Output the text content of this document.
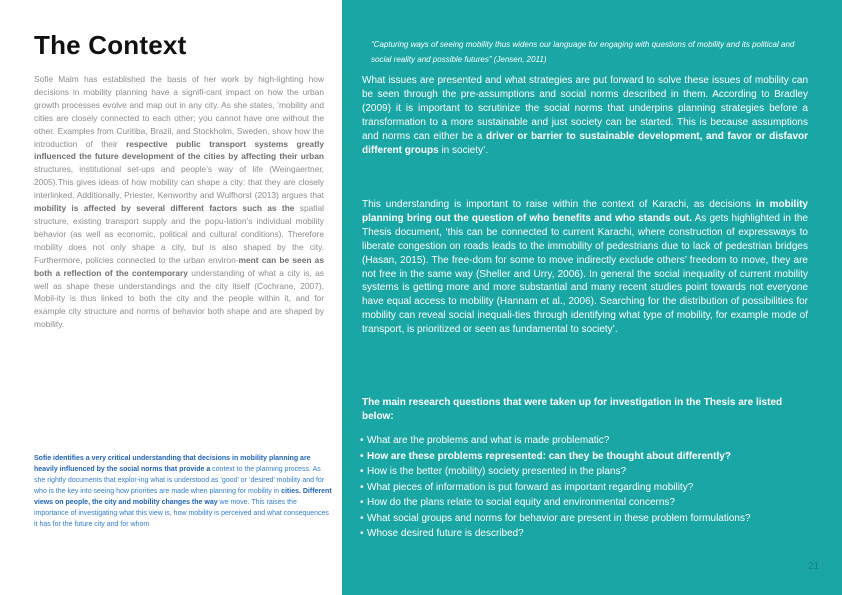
The Context

Sofie Malm has established the basis of her work by high-lighting how decisions in mobility planning have a signifi-cant impact on how the urban growth processes evolve and map out in any city. As she states, ‘mobility and cities are closely connected to each other; you cannot have one without the other. Examples from Curitiba, Brazil, and Stockholm, Sweden, show how the introduction of their respective public transport systems greatly influenced the future development of the cities by affecting their urban structures, institutional set-ups and people’s way of life (Weingaertner, 2005).This gives ideas of how mobility can shape a city: that they are closely interlinked. Additionally, Priester, Kenworthy and Wulfhorst (2013) argues that mobility is affected by several different factors such as the spatial structure, existing transport supply and the popu-lation’s individual mobility behavior (as well as economic, political and cultural conditions). Therefore mobility does not only shape a city, but is also shaped by the city. Furthermore, policies connected to the urban environ-ment can be seen as both a reflection of the contemporary understanding of what a city is, as well as shape these understandings and the city itself (Cochrane, 2007). Mobil-ity is thus linked to both the city and the people within it, and for example city structure and norms of behavior both shape and are shaped by mobility.

Sofie identifies a very critical understanding that decisions in mobility planning are heavily influenced by the social norms that provide a context to the planning process. As she rightly documents that explor-ing what is understood as ‘good’ or ‘desired’ mobility and for who is the key into seeing how priorities are made when planning for mobility in cities. Different views on people, the city and mobility changes the way we move. This raises the importance of investigating what this view is, how mobility is perceived and what consequences it has for the future city and for whom

“Capturing ways of seeing mobility thus widens our language for engaging with questions of mobility and its political and social reality and possible futures” (Jensen, 2011)

What issues are presented and what strategies are put forward to solve these issues of mobility can be seen through the pre-assumptions and social norms described in them. According to Bradley (2009) it is important to scrutinize the social norms that underpins planning strategies before a transformation to a more sustainable and just society can be started. This is because assumptions and norms can either be a driver or barrier to sustainable development, and favor or disfavor different groups in society’.

This understanding is important to raise within the context of Karachi, as decisions in mobility planning bring out the question of who benefits and who stands out. As gets highlighted in the Thesis document, ‘this can be connected to current Karachi, where construction of expressways to liberate congestion on roads leads to the immobility of pedestrians due to lack of pedestrian bridges (Hasan, 2015). The free-dom for some to move indirectly exclude others’ freedom to move, they are not free in the same way (Sheller and Urry, 2006). In general the social inequality of current mobility systems is getting more and more substantial and many recent studies point towards not everyone have equal access to mobility (Hannam et al., 2006). Searching for the distribution of possibilities for mobility can reveal social inequali-ties through identifying what type of mobility, for example mode of transport, is prioritized or seen as fundamental to society’.

The main research questions that were taken up for investigation in the Thesis are listed below:

• What are the problems and what is made problematic?
• How are these problems represented: can they be thought about differently?
• How is the better (mobility) society presented in the plans?
• What pieces of information is put forward as important regarding mobility?
• How do the plans relate to social equity and environmental concerns?
• What social groups and norms for behavior are present in these problem formulations?
• Whose desired future is described?
21
